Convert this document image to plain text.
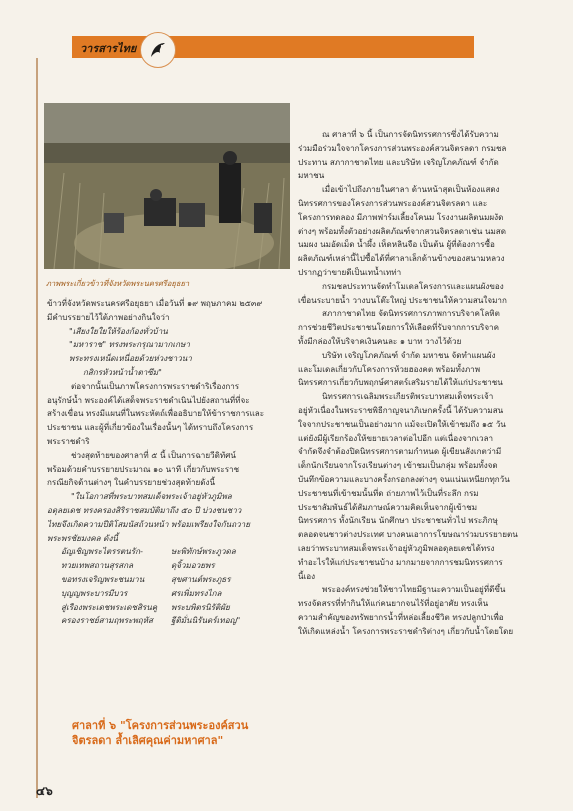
วารสารไทย
ภาพพระเกี่ยวข้าวที่จังหวัดพระนครศรีอยุธยา

ข้าวที่จังหวัดพระนครศรีอยุธยา เมื่อวันที่ ๑๙ พฤษภาคม ๒๕๓๙

มีคำบรรยายไว้ใต้ภาพอย่างกินใจว่า

"เสียงใยใยให้ร้องก้องทั่วบ้าน

"มหาราช" ทรงพระกรุณามากเกษา

พระทรงเหน็ดเหนื่อยด้วยห่วงชาวนา

กสิกรหัวหน้าน้ำตาซึม"

ต่อจากนั้นเป็นภาพโครงการพระราชดำริเรื่องการ

อนุรักษ์น้ำ พระองค์ได้เสด็จพระราชดำเนินไปยังสถานที่ที่จะ

สร้างเขื่อน ทรงมีแผนที่ในพระหัตถ์เพื่ออธิบายให้ข้าราชการและ

ประชาชน และผู้ที่เกี่ยวข้องในเรื่องนั้นๆ ได้ทราบถึงโครงการ

พระราชดำริ

ช่วงสุดท้ายของศาลาที่ ๕ นี้ เป็นการฉายวีดิทัศน์

พร้อมด้วยคำบรรยายประมาณ ๑๐ นาที เกี่ยวกับพระราช

กรณียกิจด้านต่างๆ ในคำบรรยายช่วงสุดท้ายดังนี้

"ในโอกาสที่พระบาทสมเด็จพระเจ้าอยู่หัวภูมิพล

อดุลยเดช ทรงครองสิริราชสมบัติมาถึง ๕๐ ปี บ่วงชนชาว

ไทยจึงเกิดความปีติโสมนัสถ้วนหน้า พร้อมเพรียงใจกันถวาย

พระพรชัยมงคล ดังนี้

อัญเชิญพระไตรรตนรัก-	ษะพิทักษ์พระภูวดล
ทวยเทพสถานสุรสกล	ดุจิ้วมอวยพร
ขอทรงเจริญพระชนมาน	สุขศานต์พระภูธร
บุญญพระบารมีบวร	ศรเพิ่มทรงไกล
สู่เรืองพระเดชพระเดชสิรนคู	พระบพิตรนิรัติผัย
ครองราชย์สามฤพระพฤหัส	ฐีติมั่นนิรันดร์เทอญ"
ศาลาที่ ๖ "โครงการส่วนพระองค์สวนจิตรลดา ล้ำเลิศคุณค่ามหาศาล"

ณ ศาลาที่ ๖ นี้ เป็นการจัดนิทรรศการซึ่งได้รับความ

ร่วมมือร่วมใจจากโครงการส่วนพระองค์สวนจิตรลดา กรมชล

ประทาน สภากาชาดไทย และบริษัท เจริญโภคภัณฑ์ จำกัด

มหาชน

เมื่อเข้าไปถึงภายในศาลา ด้านหน้าสุดเป็นห้องแสดง

นิทรรศการของโครงการส่วนพระองค์สวนจิตรลดา และ

โครงการทดลอง มีภาพฟาร์มเลี้ยงโคนม โรงงานผลิตนมผงัด

ต่างๆ พร้อมทั้งตัวอย่างผลิตภัณฑ์จากสวนจิตรลดาเช่น นมสด

นมผง นมอัดเม็ด น้ำผึ้ง เห็ดหลินจือ เป็นต้น ผู้ที่ต้องการซื้อ

ผลิตภัณฑ์เหล่านี้ไปซื้อได้ที่ศาลาเล็กด้านข้างของสนามหลวง

ปรากฏว่าขายดีเป็นเทน้ำเทท่า

กรมชลประทานจัดทำโมเดลโครงการและแผนผังของ

เขื่อนระบายน้ำ วางบนโต๊ะใหญ่ ประชาชนให้ความสนใจมาก

สภากาชาดไทย จัดนิทรรศการภาพการบริจาคโลหิต

การช่วยชีวิตประชาชนโดยการให้เลือดที่รับจากการบริจาค

ทั้งมีกล่องให้บริจาคเงินคนละ ๑ บาท วางไว้ด้วย

บริษัท เจริญโภคภัณฑ์ จำกัด มหาชน จัดทำแผนผัง

และโมเดลเกี่ยวกับโครงการห้วยฮองคต พร้อมทั้งภาพ

นิทรรศการเกี่ยวกับพฤกษ์ศาสตร์เสริมรายได้ให้แก่ประชาชน

นิทรรศการเฉลิมพระเกียรติพระบาทสมเด็จพระเจ้า

อยู่หัวเนื่องในพระราชพิธีกาญจนาภิเษกครั้งนี้ ได้รับความสน

ใจจากประชาชนเป็นอย่างมาก แม้จะเปิดให้เข้าชมถึง ๑๕ วัน

แต่ยังมีผู้เรียกร้องให้ขยายเวลาต่อไปอีก แต่เนื่องจากเวลา

จำกัดจึงจำต้องปิดนิทรรศการตามกำหนด ผู้เขียนสังเกตว่ามี

เด็กนักเรียนจากโรงเรียนต่างๆ เข้าชมเป็นกลุ่ม พร้อมทั้งจด

บันทึกข้อความและบางครั้งกรอกลงต่างๆ จนแน่นเหนียกทุกวัน

ประชาชนที่เข้าชมนั้นที่ด ถ่ายภาพไว้เป็นที่ระลึก กรม

ประชาสัมพันธ์ได้สัมภาษณ์ความคิดเห็นจากผู้เข้าชม

นิทรรศการ ทั้งนักเรียน นักศึกษา ประชาชนทั่วไป พระภิกษุ

ตลอดจนชาวต่างประเทศ บางคนเอาการโฆษณาร่วมบรรยายตน

เลยว่าพระบาทสมเด็จพระเจ้าอยู่หัวภูมิพลอดุลยเดชได้ทรง

ทำอะไรให้แก่ประชาชนบ้าง มากมายจากการชมนิทรรศการ

นี้เอง

พระองค์ทรงช่วยให้ชาวไทยมีฐานะความเป็นอยู่ที่ดีขึ้น

ทรงจัดสรรที่ทำกินให้แก่คนยากจนไร้ที่อยู่อาศัย ทรงเห็น

ความสำคัญของทรัพยากรน้ำที่หล่อเลี้ยงชีวิต ทรงปลูกป่าเพื่อ

ให้เกิดแหล่งน้ำ โครงการพระราชดำริต่างๆ เกี่ยวกับน้ำโดยโดย

๔๖
